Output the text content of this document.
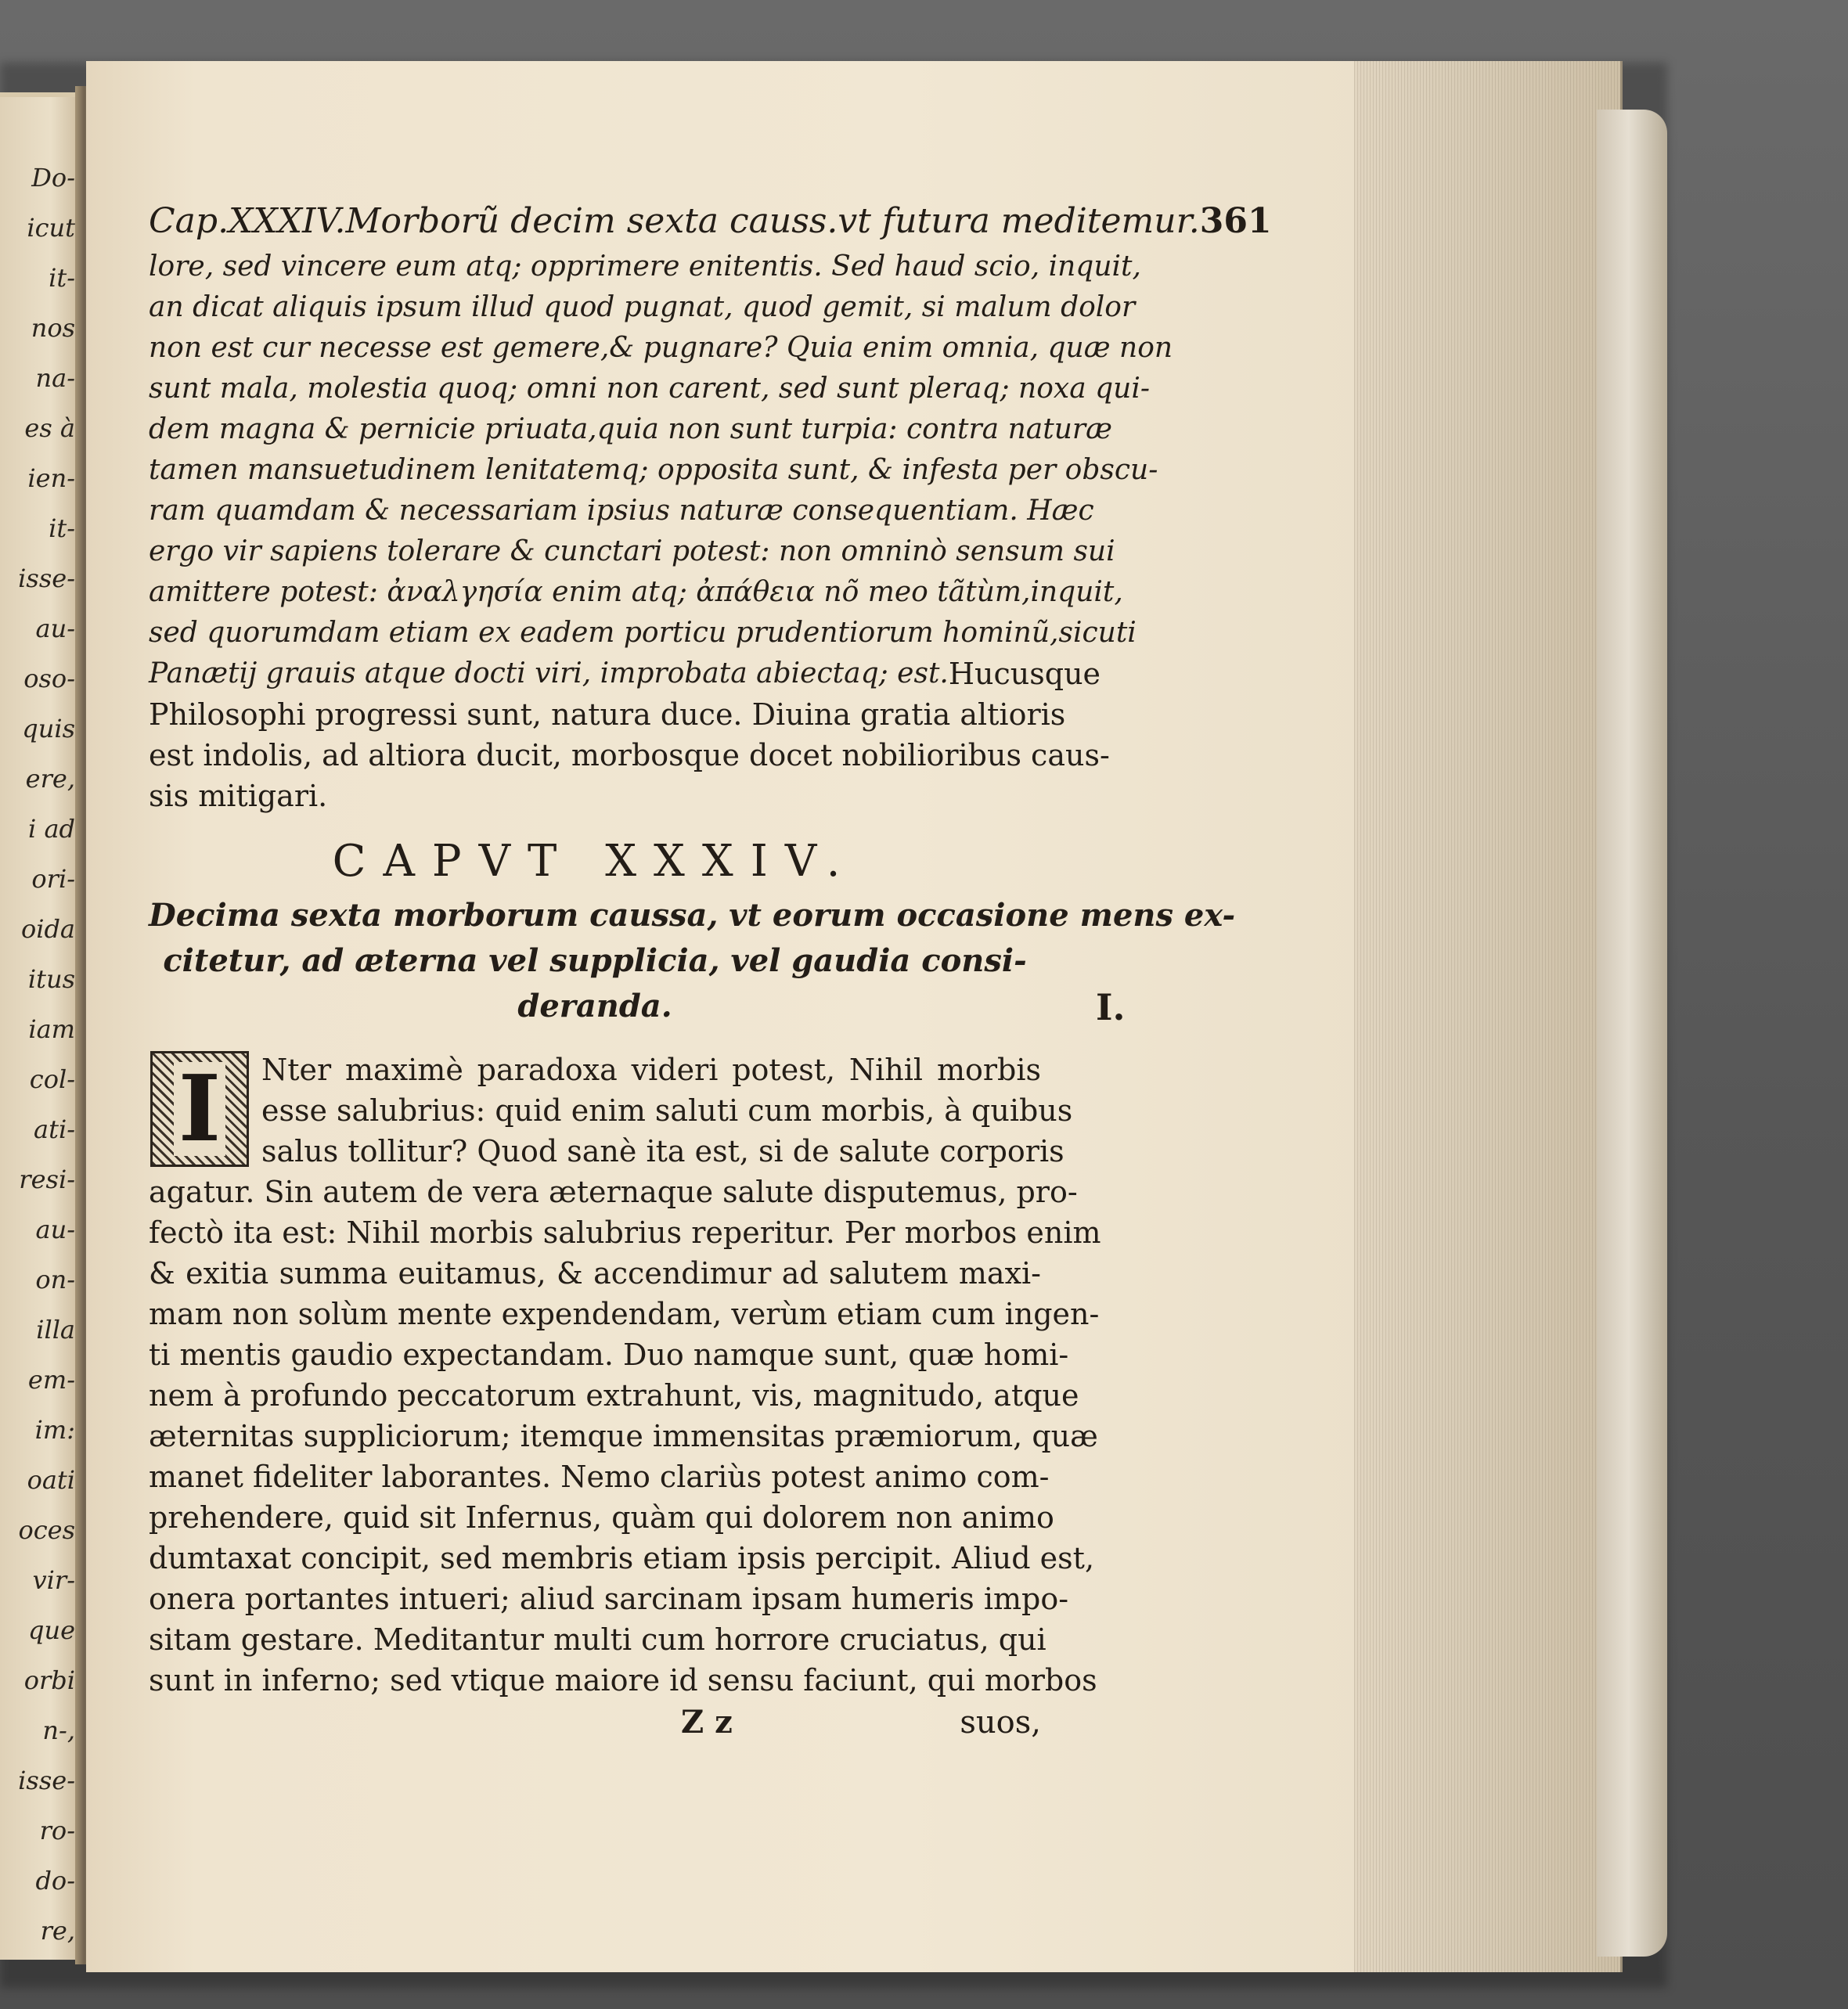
Do-
icut
it-
nos
na-
es à
ien-
it-
isse-
au-
oso-
quis
ere,
i ad
ori-
oida
itus
iam
col-
ati-
resi-
au-
on-
illa
em-
im:
oati
oces
vir-
que
orbi
n-,
isse-
ro-
do-
re,
Cap.XXXIV.Morborũ decim sexta causs.vt futura meditemur. 361
lore, sed vincere eum atq; opprimere enitentis. Sed haud scio, inquit,
an dicat aliquis ipsum illud quod pugnat, quod gemit, si malum dolor
non est cur necesse est gemere,& pugnare? Quia enim omnia, quæ non
sunt mala, molestia quoq; omni non carent, sed sunt pleraq; noxa qui-
dem magna & pernicie priuata,quia non sunt turpia: contra naturæ
tamen mansuetudinem lenitatemq; opposita sunt, & infesta per obscu-
ram quamdam & necessariam ipsius naturæ consequentiam. Hæc
ergo vir sapiens tolerare & cunctari potest: non omninò sensum sui
amittere potest: ἀναλγησία enim atq; ἀπάθεια nõ meo tãtùm,inquit,
sed quorumdam etiam ex eadem porticu prudentiorum hominũ,sicuti
Panætij grauis atque docti viri, improbata abiectaq; est. Hucusque
Philosophi progressi sunt, natura duce. Diuina gratia altioris
est indolis, ad altiora ducit, morbosque docet nobilioribus caus-
sis mitigari.
CAPVT XXXIV.
Decima sexta morborum caussa, vt eorum occasione mens ex-
citetur, ad æterna vel supplicia, vel gaudia consi-
deranda.
I	Nter maximè paradoxa videri potest, Nihil morbis
esse salubrius: quid enim saluti cum morbis, à quibus
salus tollitur? Quod sanè ita est, si de salute corporis
agatur. Sin autem de vera æternaque salute disputemus, pro-
fectò ita est: Nihil morbis salubrius reperitur. Per morbos enim
& exitia summa euitamus, & accendimur ad salutem maxi-
mam non solùm mente expendendam, verùm etiam cum ingen-
ti mentis gaudio expectandam. Duo namque sunt, quæ homi-
nem à profundo peccatorum extrahunt, vis, magnitudo, atque
æternitas suppliciorum; itemque immensitas præmiorum, quæ
manet fideliter laborantes. Nemo clariùs potest animo com-
prehendere, quid sit Infernus, quàm qui dolorem non animo
dumtaxat concipit, sed membris etiam ipsis percipit. Aliud est,
onera portantes intueri; aliud sarcinam ipsam humeris impo-
sitam gestare. Meditantur multi cum horrore cruciatus, qui
sunt in inferno; sed vtique maiore id sensu faciunt, qui morbos
Z z	suos,
I.
